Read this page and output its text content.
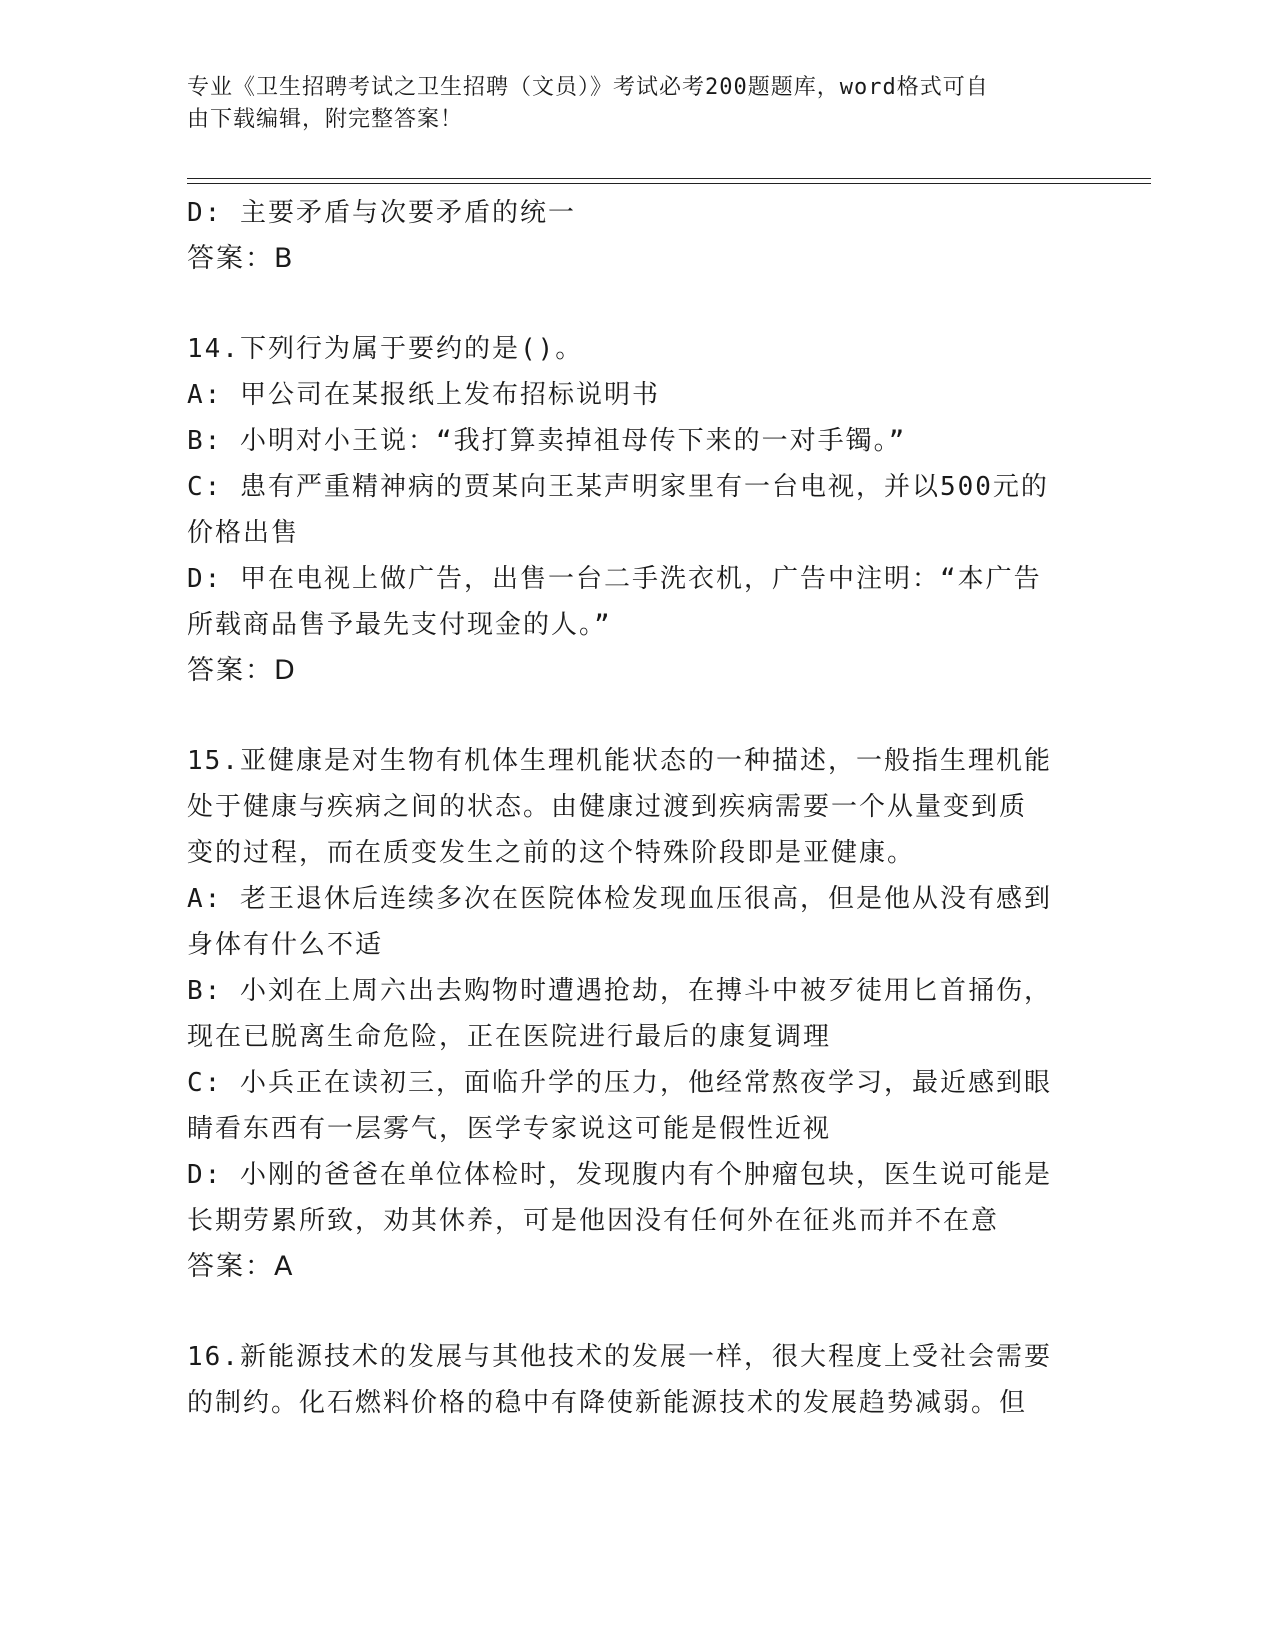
专业《卫生招聘考试之卫生招聘（文员）》考试必考200题题库，word格式可自
由下载编辑，附完整答案！

D: 主要矛盾与次要矛盾的统一

答案：B

14.下列行为属于要约的是()。

A: 甲公司在某报纸上发布招标说明书

B: 小明对小王说：“我打算卖掉祖母传下来的一对手镯。”

C: 患有严重精神病的贾某向王某声明家里有一台电视，并以500元的

价格出售

D: 甲在电视上做广告，出售一台二手洗衣机，广告中注明：“本广告

所载商品售予最先支付现金的人。”

答案：D

15.亚健康是对生物有机体生理机能状态的一种描述，一般指生理机能

处于健康与疾病之间的状态。由健康过渡到疾病需要一个从量变到质

变的过程，而在质变发生之前的这个特殊阶段即是亚健康。

A: 老王退休后连续多次在医院体检发现血压很高，但是他从没有感到

身体有什么不适

B: 小刘在上周六出去购物时遭遇抢劫，在搏斗中被歹徒用匕首捅伤，

现在已脱离生命危险，正在医院进行最后的康复调理

C: 小兵正在读初三，面临升学的压力，他经常熬夜学习，最近感到眼

睛看东西有一层雾气，医学专家说这可能是假性近视

D: 小刚的爸爸在单位体检时，发现腹内有个肿瘤包块，医生说可能是

长期劳累所致，劝其休养，可是他因没有任何外在征兆而并不在意

答案：A

16.新能源技术的发展与其他技术的发展一样，很大程度上受社会需要

的制约。化石燃料价格的稳中有降使新能源技术的发展趋势减弱。但
